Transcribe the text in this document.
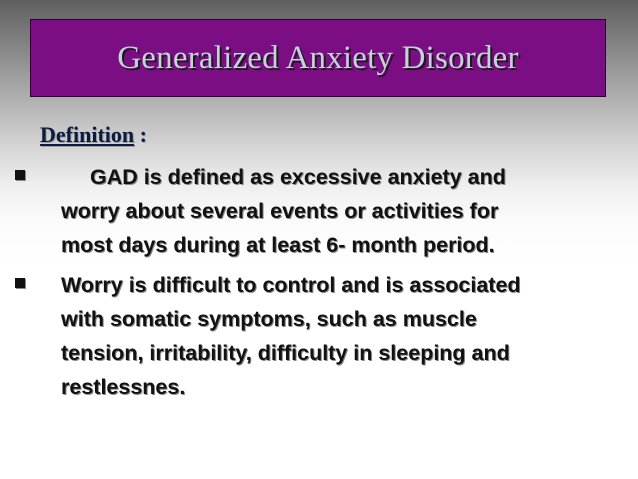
Generalized Anxiety Disorder
Definition :
GAD is defined as excessive anxiety and
worry about several events or activities for
most days during at least 6- month period.
Worry is difficult to control and is associated
with somatic symptoms, such as muscle
tension, irritability, difficulty in sleeping and
restlessnes.
